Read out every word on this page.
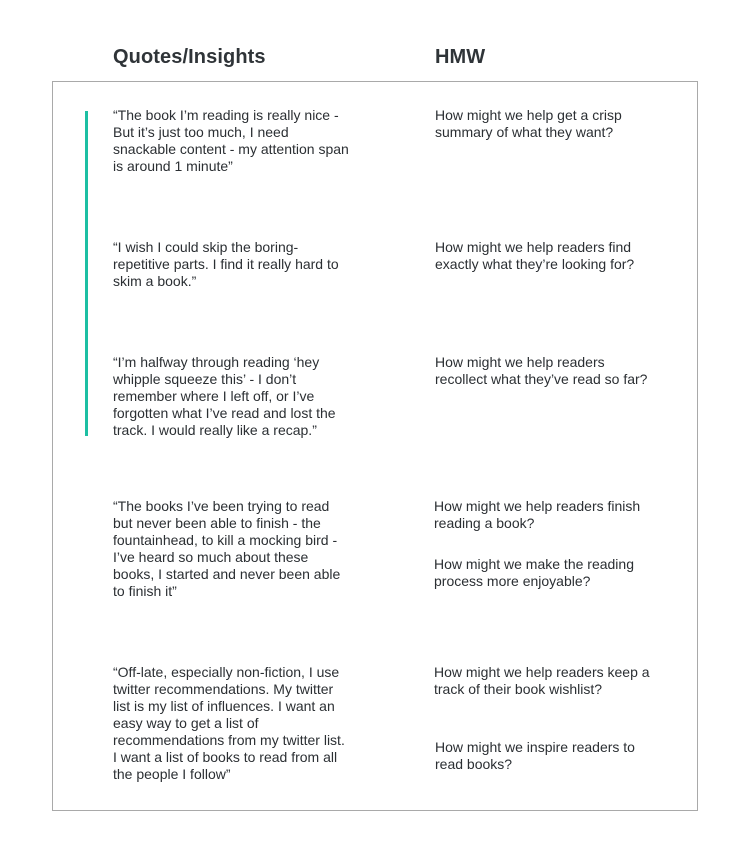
Quotes/Insights	HMW

“The book I’m reading is really nice -
But it’s just too much, I need
snackable content - my attention span
is around 1 minute”

“I wish I could skip the boring-
repetitive parts. I find it really hard to
skim a book.”

“I’m halfway through reading ‘hey
whipple squeeze this’ - I don’t
remember where I left off, or I’ve
forgotten what I’ve read and lost the
track. I would really like a recap.”

“The books I’ve been trying to read
but never been able to finish - the
fountainhead, to kill a mocking bird -
I’ve heard so much about these
books, I started and never been able
to finish it”

“Off-late, especially non-fiction, I use
twitter recommendations. My twitter
list is my list of influences. I want an
easy way to get a list of
recommendations from my twitter list.
I want a list of books to read from all
the people I follow”

How might we help get a crisp
summary of what they want?

How might we help readers find
exactly what they’re looking for?

How might we help readers
recollect what they’ve read so far?

How might we help readers finish
reading a book?

How might we make the reading
process more enjoyable?

How might we help readers keep a
track of their book wishlist?

How might we inspire readers to
read books?
